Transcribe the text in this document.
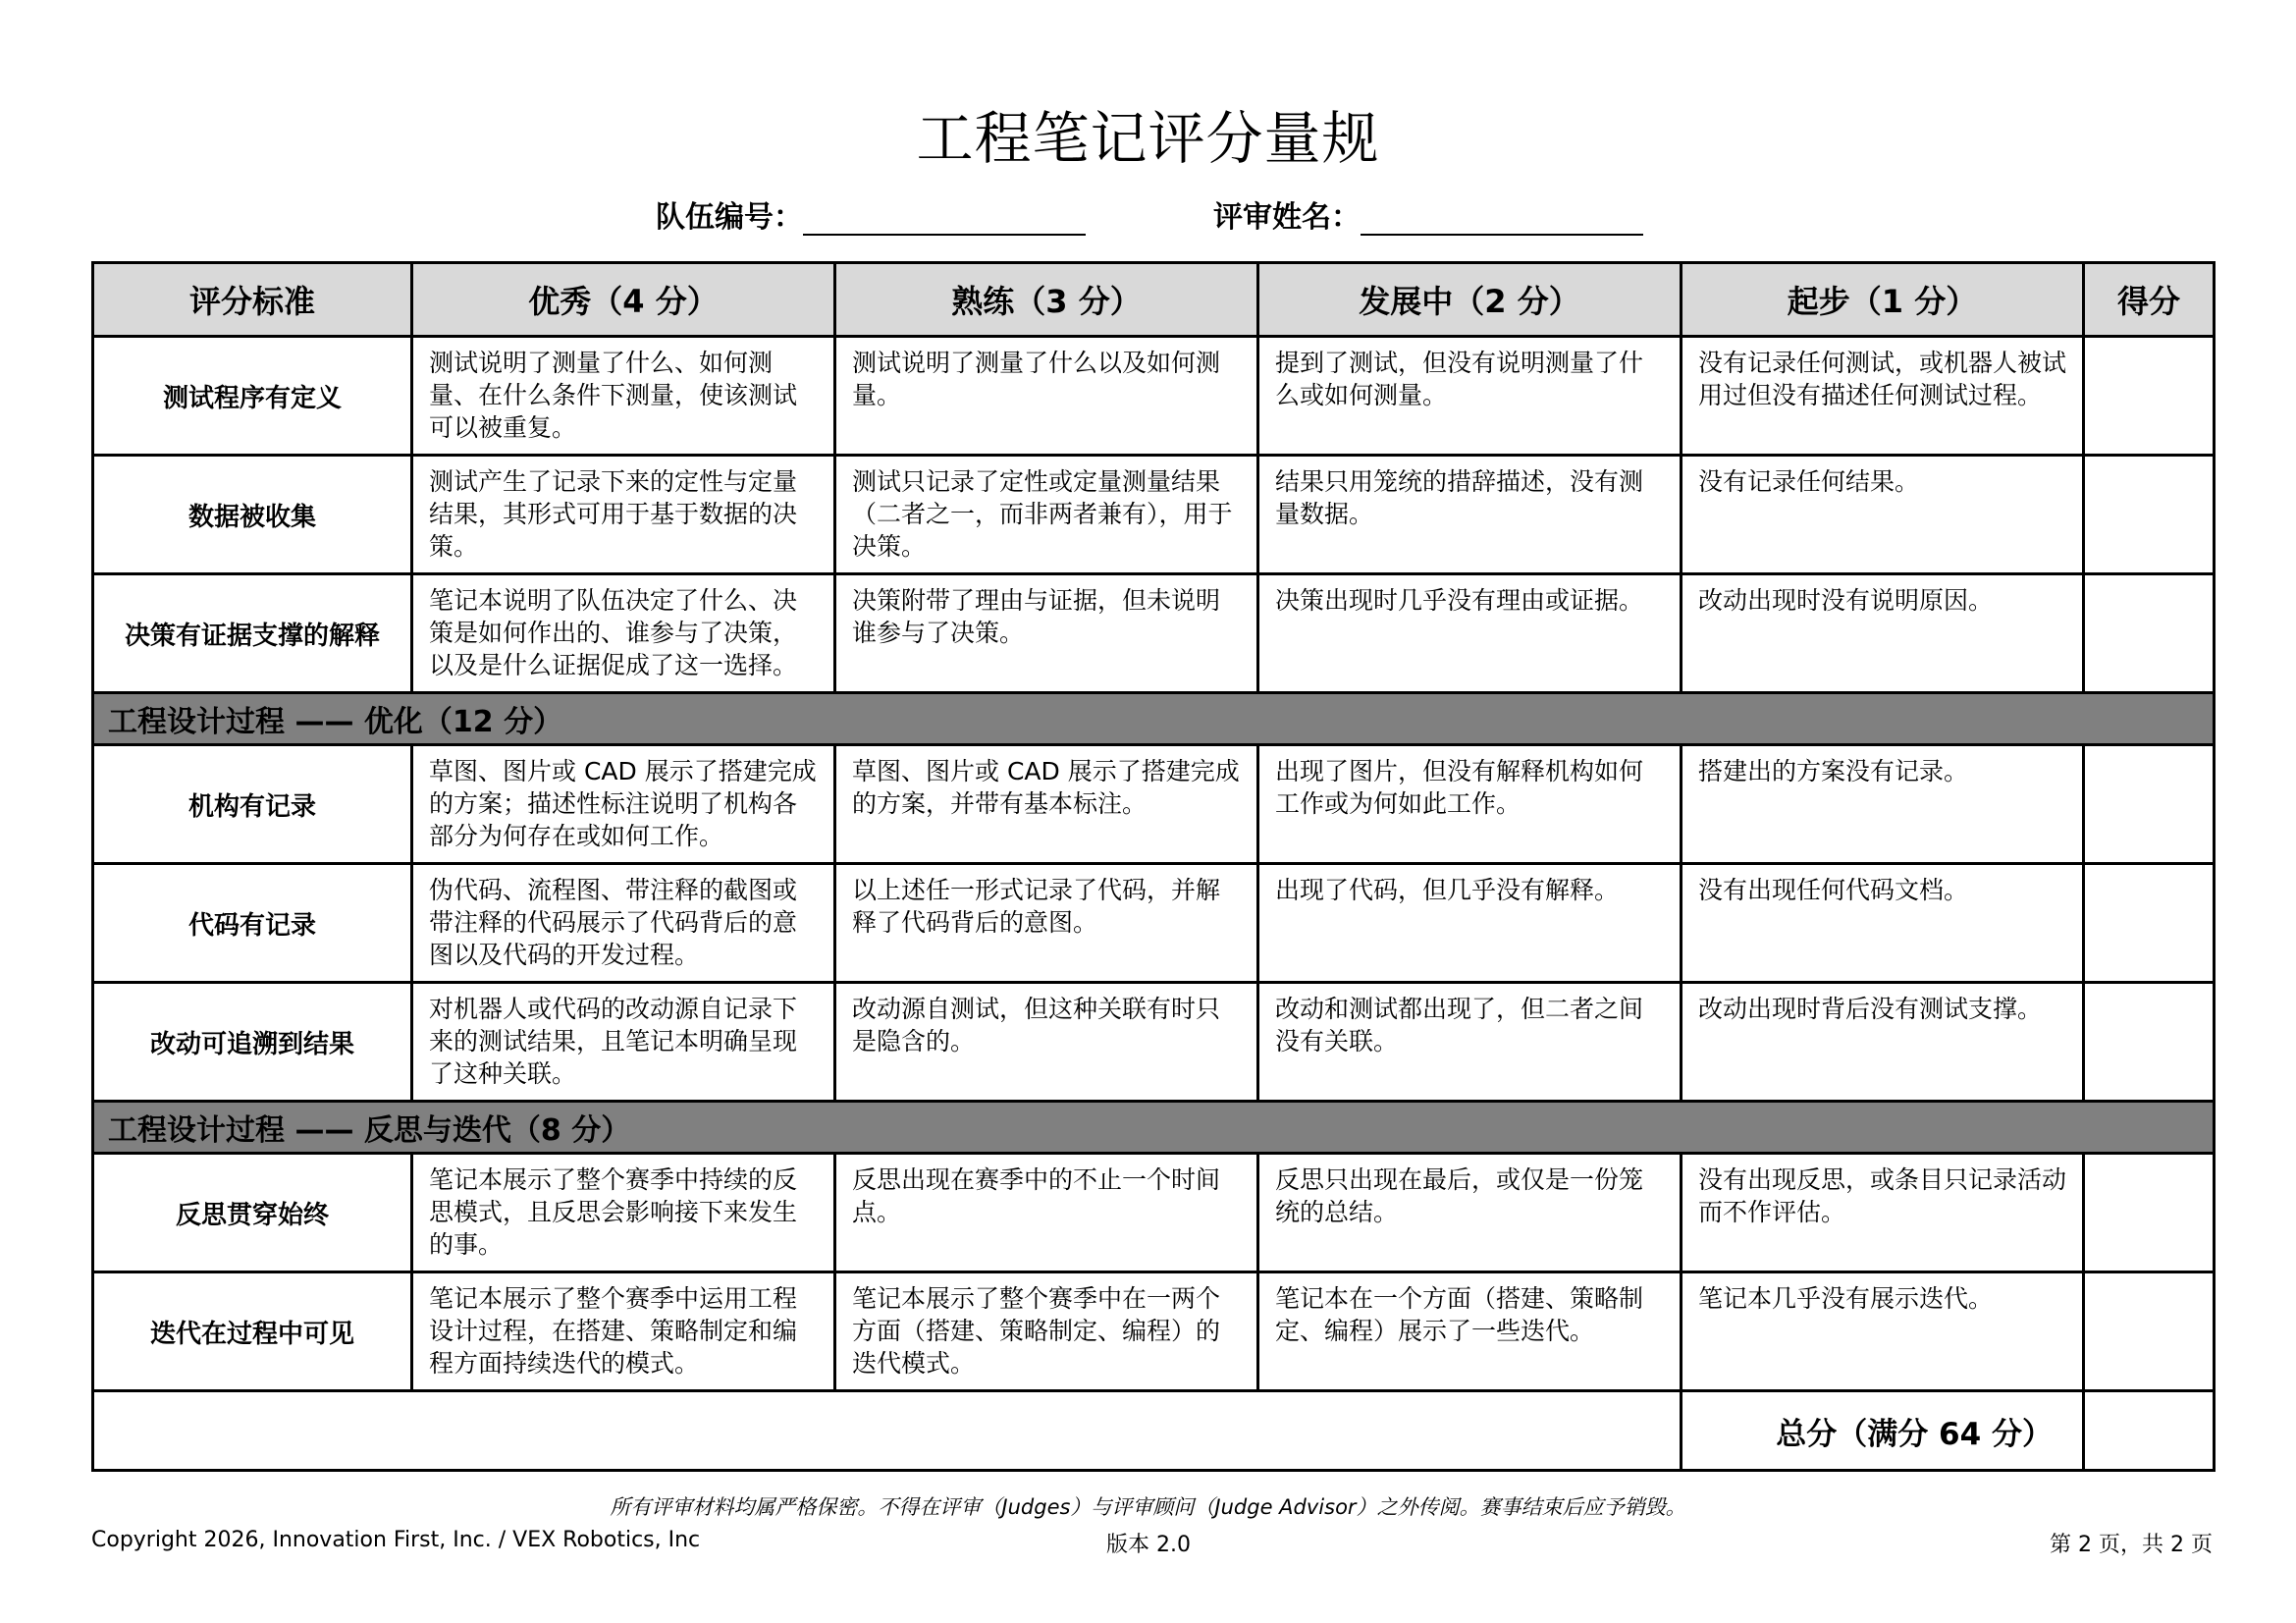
工程笔记评分量规
队伍编号：	评审姓名：
评分标准	优秀（4 分）	熟练（3 分）	发展中（2 分）	起步（1 分）	得分
测试程序有定义	测试说明了测量了什么、如何测量、在什么条件下测量，使该测试可以被重复。	测试说明了测量了什么以及如何测量。	提到了测试，但没有说明测量了什么或如何测量。	没有记录任何测试，或机器人被试用过但没有描述任何测试过程。	
数据被收集	测试产生了记录下来的定性与定量结果，其形式可用于基于数据的决策。	测试只记录了定性或定量测量结果（二者之一，而非两者兼有），用于决策。	结果只用笼统的措辞描述，没有测量数据。	没有记录任何结果。	
决策有证据支撑的解释	笔记本说明了队伍决定了什么、决策是如何作出的、谁参与了决策，以及是什么证据促成了这一选择。	决策附带了理由与证据，但未说明谁参与了决策。	决策出现时几乎没有理由或证据。	改动出现时没有说明原因。	
工程设计过程 —— 优化（12 分）					
机构有记录	草图、图片或 CAD 展示了搭建完成的方案；描述性标注说明了机构各部分为何存在或如何工作。	草图、图片或 CAD 展示了搭建完成的方案，并带有基本标注。	出现了图片，但没有解释机构如何工作或为何如此工作。	搭建出的方案没有记录。	
代码有记录	伪代码、流程图、带注释的截图或带注释的代码展示了代码背后的意图以及代码的开发过程。	以上述任一形式记录了代码，并解释了代码背后的意图。	出现了代码，但几乎没有解释。	没有出现任何代码文档。	
改动可追溯到结果	对机器人或代码的改动源自记录下来的测试结果，且笔记本明确呈现了这种关联。	改动源自测试，但这种关联有时只是隐含的。	改动和测试都出现了，但二者之间没有关联。	改动出现时背后没有测试支撑。	
工程设计过程 —— 反思与迭代（8 分）					
反思贯穿始终	笔记本展示了整个赛季中持续的反思模式，且反思会影响接下来发生的事。	反思出现在赛季中的不止一个时间点。	反思只出现在最后，或仅是一份笼统的总结。	没有出现反思，或条目只记录活动而不作评估。	
迭代在过程中可见	笔记本展示了整个赛季中运用工程设计过程，在搭建、策略制定和编程方面持续迭代的模式。	笔记本展示了整个赛季中在一两个方面（搭建、策略制定、编程）的迭代模式。	笔记本在一个方面（搭建、策略制定、编程）展示了一些迭代。	笔记本几乎没有展示迭代。	
				总分（满分 64 分）	
所有评审材料均属严格保密。不得在评审（Judges）与评审顾问（Judge Advisor）之外传阅。赛事结束后应予销毁。
Copyright 2026, Innovation First, Inc. / VEX Robotics, Inc	版本 2.0	第 2 页，共 2 页
